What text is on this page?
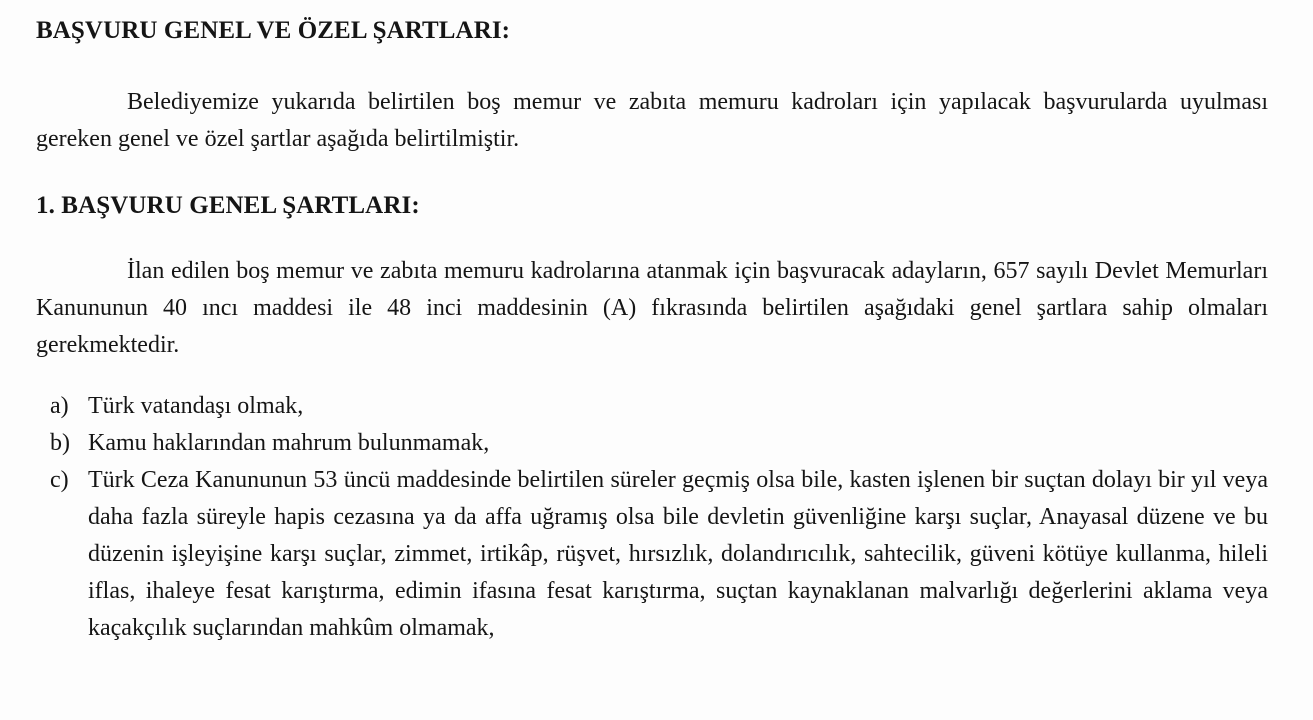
BAŞVURU GENEL VE ÖZEL ŞARTLARI:

Belediyemize yukarıda belirtilen boş memur ve zabıta memuru kadroları için yapılacak başvurularda uyulması gereken genel ve özel şartlar aşağıda belirtilmiştir.

1. BAŞVURU GENEL ŞARTLARI:

İlan edilen boş memur ve zabıta memuru kadrolarına atanmak için başvuracak adayların, 657 sayılı Devlet Memurları Kanununun 40 ıncı maddesi ile 48 inci maddesinin (A) fıkrasında belirtilen aşağıdaki genel şartlara sahip olmaları gerekmektedir.

a) Türk vatandaşı olmak,
b) Kamu haklarından mahrum bulunmamak,
c) Türk Ceza Kanununun 53 üncü maddesinde belirtilen süreler geçmiş olsa bile, kasten işlenen bir suçtan dolayı bir yıl veya daha fazla süreyle hapis cezasına ya da affa uğramış olsa bile devletin güvenliğine karşı suçlar, Anayasal düzene ve bu düzenin işleyişine karşı suçlar, zimmet, irtikâp, rüşvet, hırsızlık, dolandırıcılık, sahtecilik, güveni kötüye kullanma, hileli iflas, ihaleye fesat karıştırma, edimin ifasına fesat karıştırma, suçtan kaynaklanan malvarlığı değerlerini aklama veya kaçakçılık suçlarından mahkûm olmamak,
